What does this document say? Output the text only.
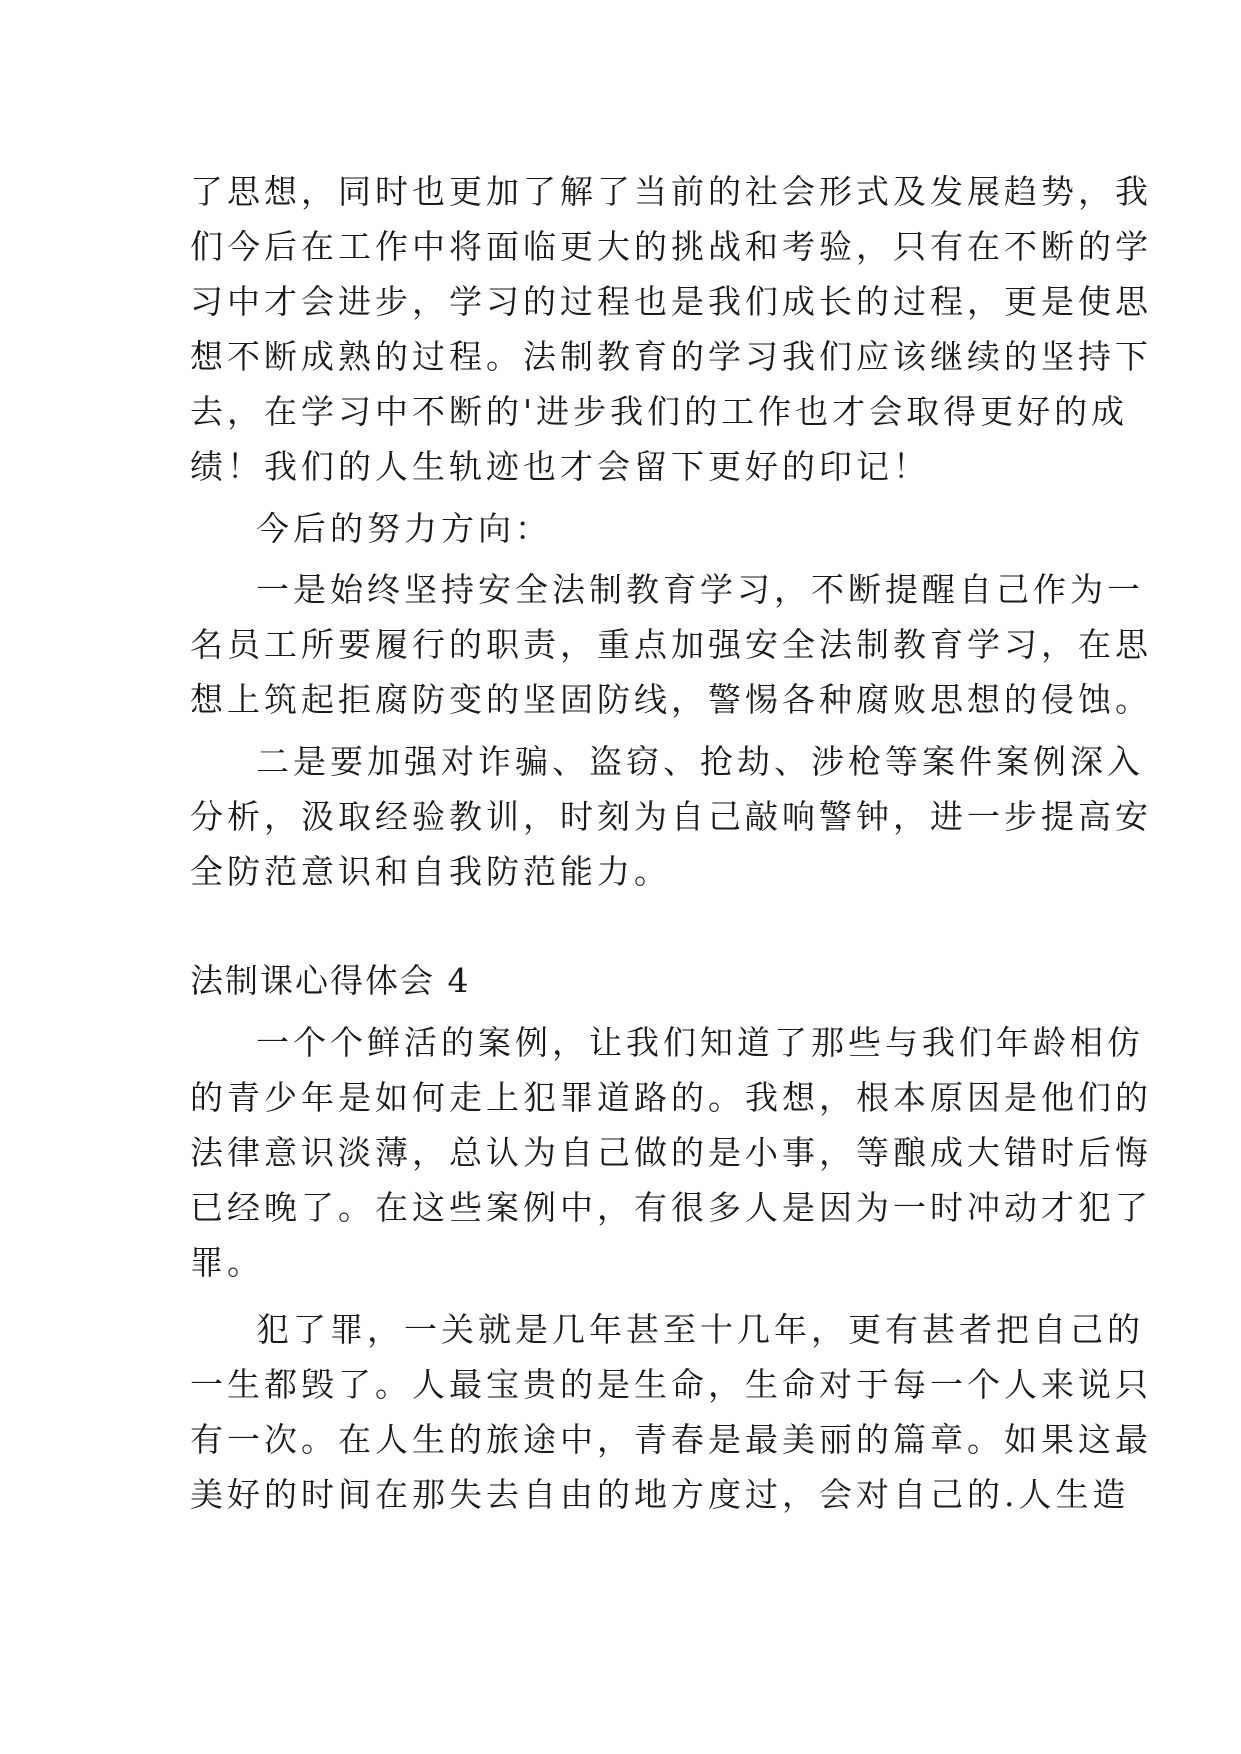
了思想，同时也更加了解了当前的社会形式及发展趋势，我
们今后在工作中将面临更大的挑战和考验，只有在不断的学
习中才会进步，学习的过程也是我们成长的过程，更是使思
想不断成熟的过程。法制教育的学习我们应该继续的坚持下
去，在学习中不断的'进步我们的工作也才会取得更好的成
绩！我们的人生轨迹也才会留下更好的印记！
今后的努力方向：
一是始终坚持安全法制教育学习，不断提醒自己作为一
名员工所要履行的职责，重点加强安全法制教育学习，在思
想上筑起拒腐防变的坚固防线，警惕各种腐败思想的侵蚀。
二是要加强对诈骗、盗窃、抢劫、涉枪等案件案例深入
分析，汲取经验教训，时刻为自己敲响警钟，进一步提高安
全防范意识和自我防范能力。
法制课心得体会 4
一个个鲜活的案例，让我们知道了那些与我们年龄相仿
的青少年是如何走上犯罪道路的。我想，根本原因是他们的
法律意识淡薄，总认为自己做的是小事，等酿成大错时后悔
已经晚了。在这些案例中，有很多人是因为一时冲动才犯了
罪。
犯了罪，一关就是几年甚至十几年，更有甚者把自己的
一生都毁了。人最宝贵的是生命，生命对于每一个人来说只
有一次。在人生的旅途中，青春是最美丽的篇章。如果这最
美好的时间在那失去自由的地方度过，会对自己的.人生造
